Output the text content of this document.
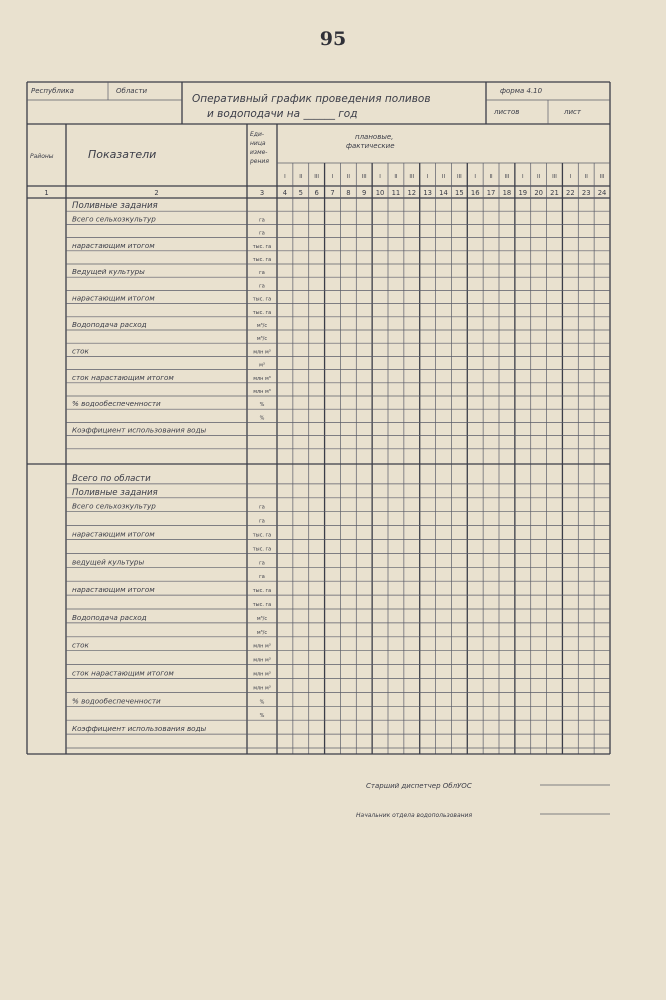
95
Республика	Области
Оперативный график проведения поливов
и водоподачи на ______ год
форма 4.10
листов	лист
Районы	Показатели
Еди-
ница
изме-
рения
плановые,
фактические
I II III I II III I II III I II III I II III I II III I II III
1	2	3	4 5 6 7 8 9 10 11 12 13 14 15 16 17 18 19 20 21 22 23 24
Поливные задания
Всего сельхозкультур	га
га
нарастающим итогом	тыс. га
тыс. га
Ведущей культуры	га
га
нарастающим итогом	тыс. га
тыс. га
Водоподача расход	м³/с
м³/с
сток	млн м³
м³
сток нарастающим итогом	млн м³
млн м³
% водообеспеченности	%
%
Коэффициент использования воды
Всего по области
Поливные задания
Всего сельхозкультур	га
га
нарастающим итогом	тыс. га
тыс. га
ведущей культуры	га
га
нарастающим итогом	тыс. га
тыс. га
Водоподача расход	м³/с
м³/с
сток	млн м³
млн м³
сток нарастающим итогом	млн м³
млн м³
% водообеспеченности	%
%
Коэффициент использования воды
Старший диспетчер ОблУОС
Начальник отдела водопользования
